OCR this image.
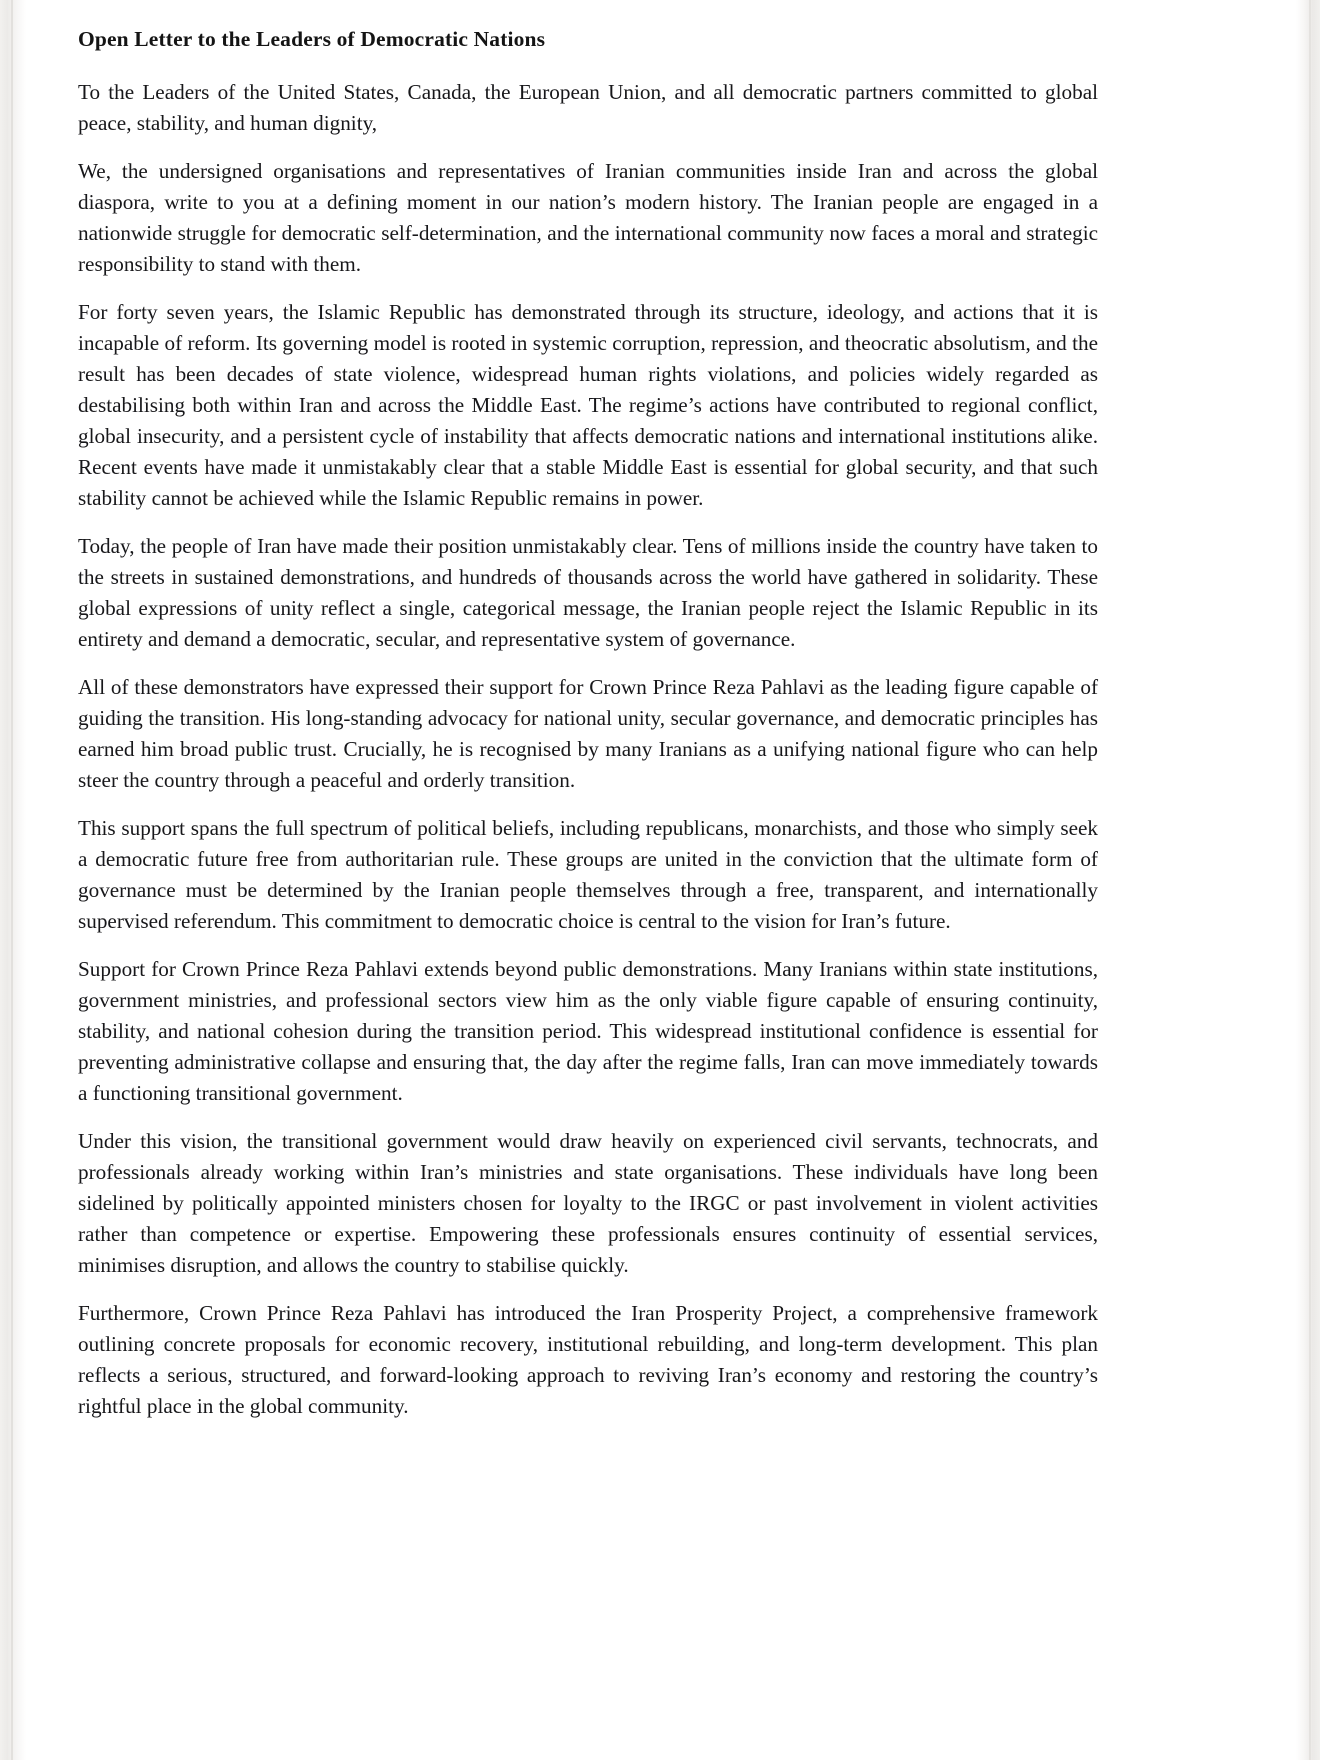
Open Letter to the Leaders of Democratic Nations

To the Leaders of the United States, Canada, the European Union, and all democratic partners committed to global peace, stability, and human dignity,

We, the undersigned organisations and representatives of Iranian communities inside Iran and across the global diaspora, write to you at a defining moment in our nation’s modern history. The Iranian people are engaged in a nationwide struggle for democratic self-determination, and the international community now faces a moral and strategic responsibility to stand with them.

For forty seven years, the Islamic Republic has demonstrated through its structure, ideology, and actions that it is incapable of reform. Its governing model is rooted in systemic corruption, repression, and theocratic absolutism, and the result has been decades of state violence, widespread human rights violations, and policies widely regarded as destabilising both within Iran and across the Middle East. The regime’s actions have contributed to regional conflict, global insecurity, and a persistent cycle of instability that affects democratic nations and international institutions alike. Recent events have made it unmistakably clear that a stable Middle East is essential for global security, and that such stability cannot be achieved while the Islamic Republic remains in power.

Today, the people of Iran have made their position unmistakably clear. Tens of millions inside the country have taken to the streets in sustained demonstrations, and hundreds of thousands across the world have gathered in solidarity. These global expressions of unity reflect a single, categorical message, the Iranian people reject the Islamic Republic in its entirety and demand a democratic, secular, and representative system of governance.

All of these demonstrators have expressed their support for Crown Prince Reza Pahlavi as the leading figure capable of guiding the transition. His long-standing advocacy for national unity, secular governance, and democratic principles has earned him broad public trust. Crucially, he is recognised by many Iranians as a unifying national figure who can help steer the country through a peaceful and orderly transition.

This support spans the full spectrum of political beliefs, including republicans, monarchists, and those who simply seek a democratic future free from authoritarian rule. These groups are united in the conviction that the ultimate form of governance must be determined by the Iranian people themselves through a free, transparent, and internationally supervised referendum. This commitment to democratic choice is central to the vision for Iran’s future.

Support for Crown Prince Reza Pahlavi extends beyond public demonstrations. Many Iranians within state institutions, government ministries, and professional sectors view him as the only viable figure capable of ensuring continuity, stability, and national cohesion during the transition period. This widespread institutional confidence is essential for preventing administrative collapse and ensuring that, the day after the regime falls, Iran can move immediately towards a functioning transitional government.

Under this vision, the transitional government would draw heavily on experienced civil servants, technocrats, and professionals already working within Iran’s ministries and state organisations. These individuals have long been sidelined by politically appointed ministers chosen for loyalty to the IRGC or past involvement in violent activities rather than competence or expertise. Empowering these professionals ensures continuity of essential services, minimises disruption, and allows the country to stabilise quickly.

Furthermore, Crown Prince Reza Pahlavi has introduced the Iran Prosperity Project, a comprehensive framework outlining concrete proposals for economic recovery, institutional rebuilding, and long-term development. This plan reflects a serious, structured, and forward-looking approach to reviving Iran’s economy and restoring the country’s rightful place in the global community.
